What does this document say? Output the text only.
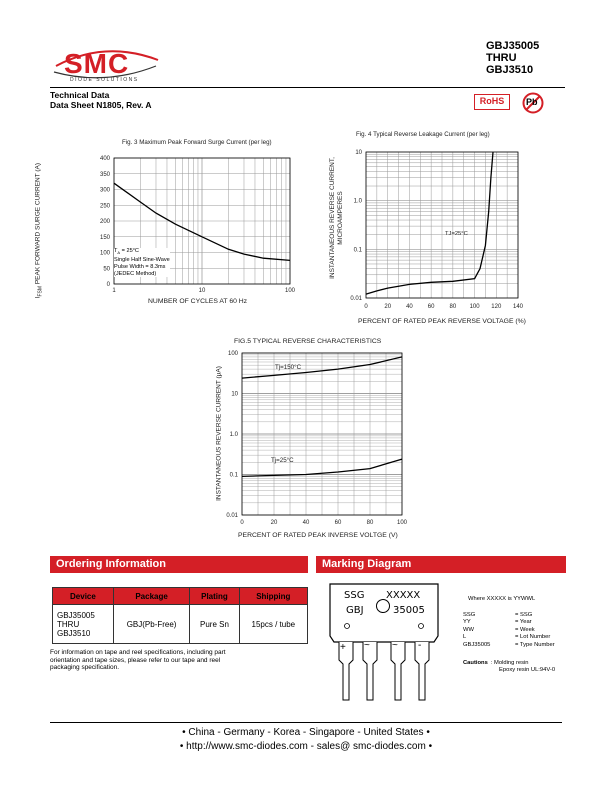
SMC
DIODE SOLUTIONS
GBJ35005
THRU
GBJ3510
Technical Data
Data Sheet N1805, Rev. A	RoHS	Pb
Fig. 3 Maximum Peak Forward Surge Current (per leg)
400
350
300
250
200
150
100
50
0
1	10	100
$I_{FSM}$ PEAK FORWARD SURGE CURRENT (A)
NUMBER OF CYCLES AT 60 Hz
$T_A = 25^\circ C$
Single Half Sine-Wave
Pulse Width = 8.3ms
(JEDEC Method)
Fig. 4 Typical Reverse Leakage Current (per leg)
10
1.0
0.1
0.01
0	20	40	60	80 100 120 140
INSTANTANEOUS REVERSE CURRENT, MICROAMPERES
PERCENT OF RATED PEAK REVERSE VOLTAGE (%)
TJ=25°C
FIG.5 TYPICAL REVERSE CHARACTERISTICS
100
10
1.0
0.1
0.01
0	20	40	60	80	100
INSTANTANEOUS REVERSE CURRENT (μA)
PERCENT OF RATED PEAK INVERSE VOLTGE (V)
Tj=150°C
Tj=25°C
Ordering Information
Device	Package	Plating	Shipping

GBJ35005
THRU
GBJ3510	GBJ(Pb-Free)	Pure Sn	15pcs / tube
For information on tape and reel specifications, including part
orientation and tape sizes, please refer to our tape and reel
packaging specification.
Marking Diagram
SSG XXXXX
GBJ	35005
+ ~ ~ -
Where XXXXX is YYWWL
SSG	= SSG
YY	= Year
WW	= Week
L	= Lot Number
GBJ35005	= Type Number
Cautions : Molding resin
Epoxy resin UL:94V-0
• China - Germany - Korea - Singapore - United States •
• http://www.smc-diodes.com - sales@ smc-diodes.com •
